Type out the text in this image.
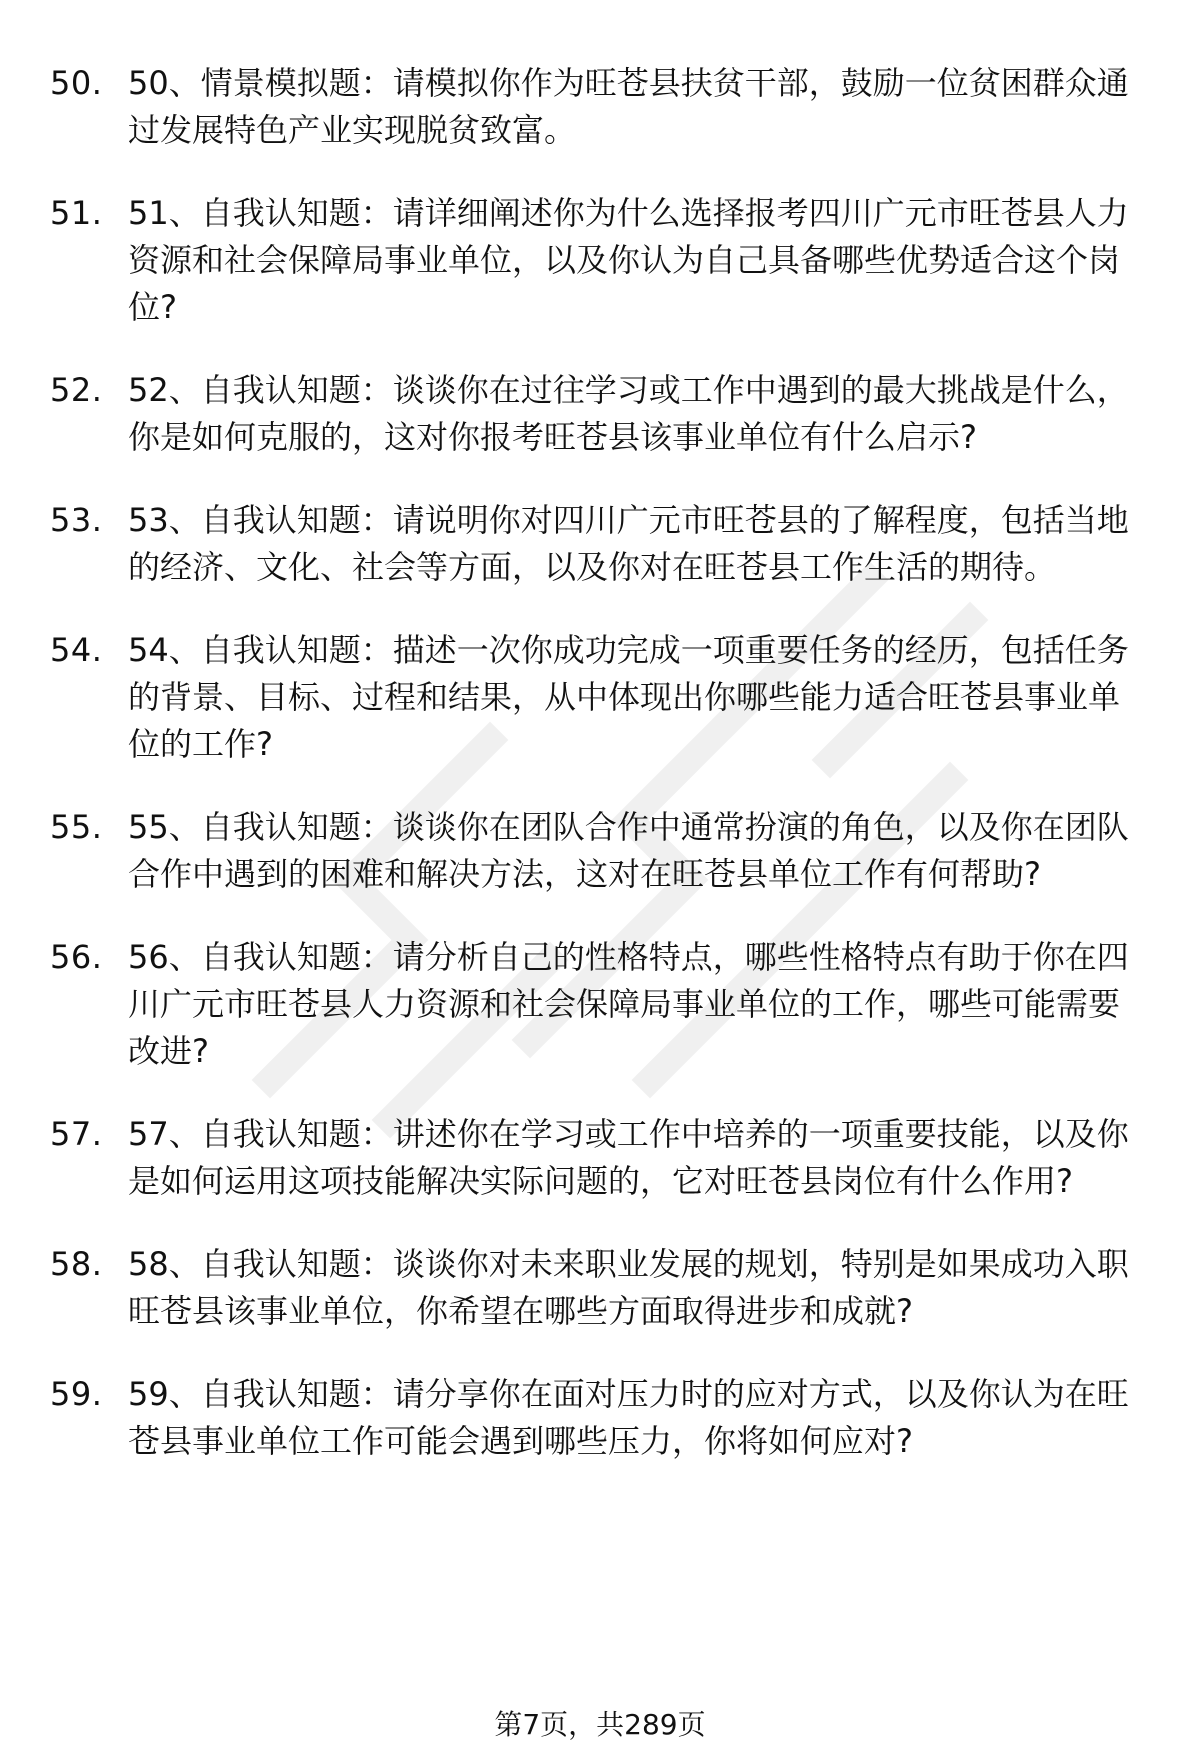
50. 50、情景模拟题：请模拟你作为旺苍县扶贫干部，鼓励一位贫困群众通过发展特色产业实现脱贫致富。
51. 51、自我认知题：请详细阐述你为什么选择报考四川广元市旺苍县人力资源和社会保障局事业单位，以及你认为自己具备哪些优势适合这个岗位?
52. 52、自我认知题：谈谈你在过往学习或工作中遇到的最大挑战是什么，你是如何克服的，这对你报考旺苍县该事业单位有什么启示?
53. 53、自我认知题：请说明你对四川广元市旺苍县的了解程度，包括当地的经济、文化、社会等方面，以及你对在旺苍县工作生活的期待。
54. 54、自我认知题：描述一次你成功完成一项重要任务的经历，包括任务的背景、目标、过程和结果，从中体现出你哪些能力适合旺苍县事业单位的工作?
55. 55、自我认知题：谈谈你在团队合作中通常扮演的角色，以及你在团队合作中遇到的困难和解决方法，这对在旺苍县单位工作有何帮助?
56. 56、自我认知题：请分析自己的性格特点，哪些性格特点有助于你在四川广元市旺苍县人力资源和社会保障局事业单位的工作，哪些可能需要改进?
57. 57、自我认知题：讲述你在学习或工作中培养的一项重要技能，以及你是如何运用这项技能解决实际问题的，它对旺苍县岗位有什么作用?
58. 58、自我认知题：谈谈你对未来职业发展的规划，特别是如果成功入职旺苍县该事业单位，你希望在哪些方面取得进步和成就?
59. 59、自我认知题：请分享你在面对压力时的应对方式，以及你认为在旺苍县事业单位工作可能会遇到哪些压力，你将如何应对?
第7页，共289页
